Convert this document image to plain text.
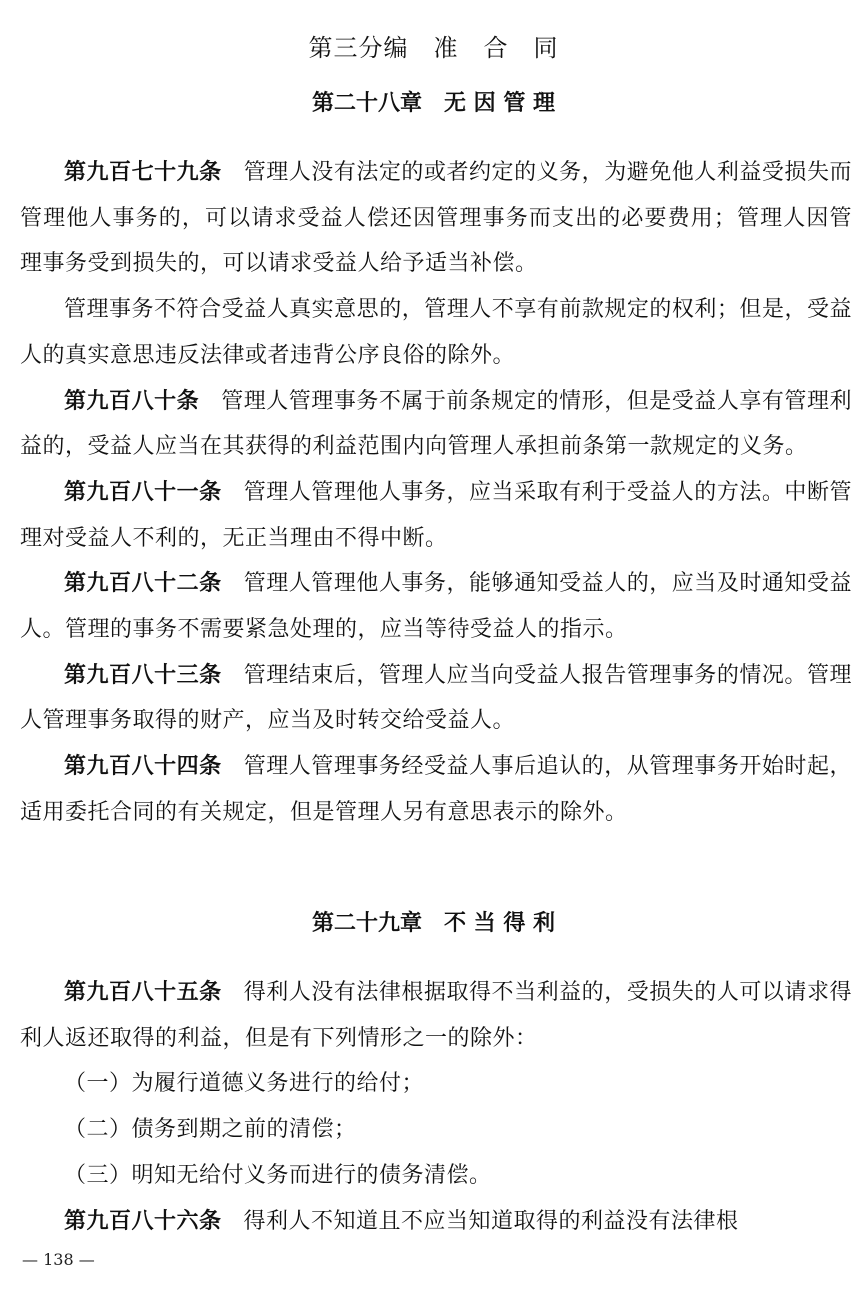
第三分编　准　合　同
第二十八章　无 因 管 理

第九百七十九条 管理人没有法定的或者约定的义务，为避免他人利益受损失而管理他人事务的，可以请求受益人偿还因管理事务而支出的必要费用；管理人因管理事务受到损失的，可以请求受益人给予适当补偿。

管理事务不符合受益人真实意思的，管理人不享有前款规定的权利；但是，受益人的真实意思违反法律或者违背公序良俗的除外。

第九百八十条 管理人管理事务不属于前条规定的情形，但是受益人享有管理利益的，受益人应当在其获得的利益范围内向管理人承担前条第一款规定的义务。

第九百八十一条 管理人管理他人事务，应当采取有利于受益人的方法。中断管理对受益人不利的，无正当理由不得中断。

第九百八十二条 管理人管理他人事务，能够通知受益人的，应当及时通知受益人。管理的事务不需要紧急处理的，应当等待受益人的指示。

第九百八十三条 管理结束后，管理人应当向受益人报告管理事务的情况。管理人管理事务取得的财产，应当及时转交给受益人。

第九百八十四条 管理人管理事务经受益人事后追认的，从管理事务开始时起，适用委托合同的有关规定，但是管理人另有意思表示的除外。

第二十九章　不 当 得 利

第九百八十五条 得利人没有法律根据取得不当利益的，受损失的人可以请求得利人返还取得的利益，但是有下列情形之一的除外：

（一）为履行道德义务进行的给付；

（二）债务到期之前的清偿；

（三）明知无给付义务而进行的债务清偿。

第九百八十六条 得利人不知道且不应当知道取得的利益没有法律根

— 138 —
